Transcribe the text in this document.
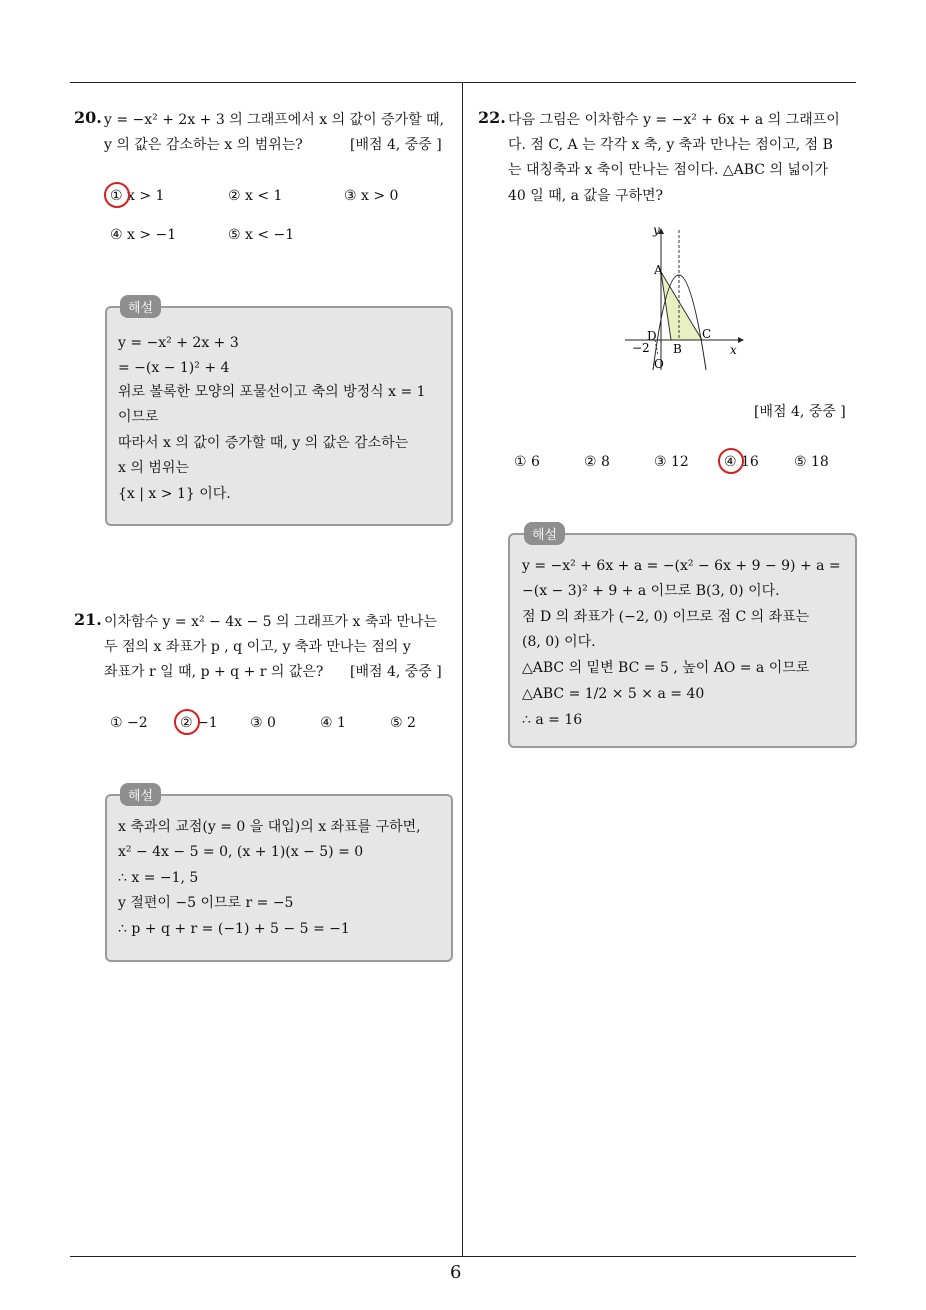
6
20. y = −x² + 2x + 3 의 그래프에서 x 의 값이 증가할 때,
y 의 값은 감소하는 x 의 범위는?	[배점 4, 중중 ]
① x > 1	② x < 1	③ x > 0
④ x > −1	⑤ x < −1
해설
y = −x² + 2x + 3
= −(x − 1)² + 4
위로 볼록한 모양의 포물선이고 축의 방정식 x = 1
이므로
따라서 x 의 값이 증가할 때, y 의 값은 감소하는
x 의 범위는
{x | x > 1} 이다.
21. 이차함수 y = x² − 4x − 5 의 그래프가 x 축과 만나는
두 점의 x 좌표가 p , q 이고, y 축과 만나는 점의 y
좌표가 r 일 때, p + q + r 의 값은? [배점 4, 중중 ]
① −2 ② −1 ③ 0	④ 1	⑤ 2
해설
x 축과의 교점(y = 0 을 대입)의 x 좌표를 구하면,
x² − 4x − 5 = 0, (x + 1)(x − 5) = 0
∴ x = −1, 5
y 절편이 −5 이므로 r = −5
∴ p + q + r = (−1) + 5 − 5 = −1
22. 다음 그림은 이차함수 y = −x² + 6x + a 의 그래프이
다. 점 C, A 는 각각 x 축, y 축과 만나는 점이고, 점 B
는 대칭축과 x 축이 만나는 점이다. △ABC 의 넓이가
40 일 때, a 값을 구하면?
y
x
A
B
C
D
−2
O
[배점 4, 중중 ]
① 6	② 8	③ 12	④ 16	⑤ 18
해설
y = −x² + 6x + a = −(x² − 6x + 9 − 9) + a =
−(x − 3)² + 9 + a 이므로 B(3, 0) 이다.
점 D 의 좌표가 (−2, 0) 이므로 점 C 의 좌표는
(8, 0) 이다.
△ABC 의 밑변 BC = 5 , 높이 AO = a 이므로
△ABC = 1/2 × 5 × a = 40
∴ a = 16
